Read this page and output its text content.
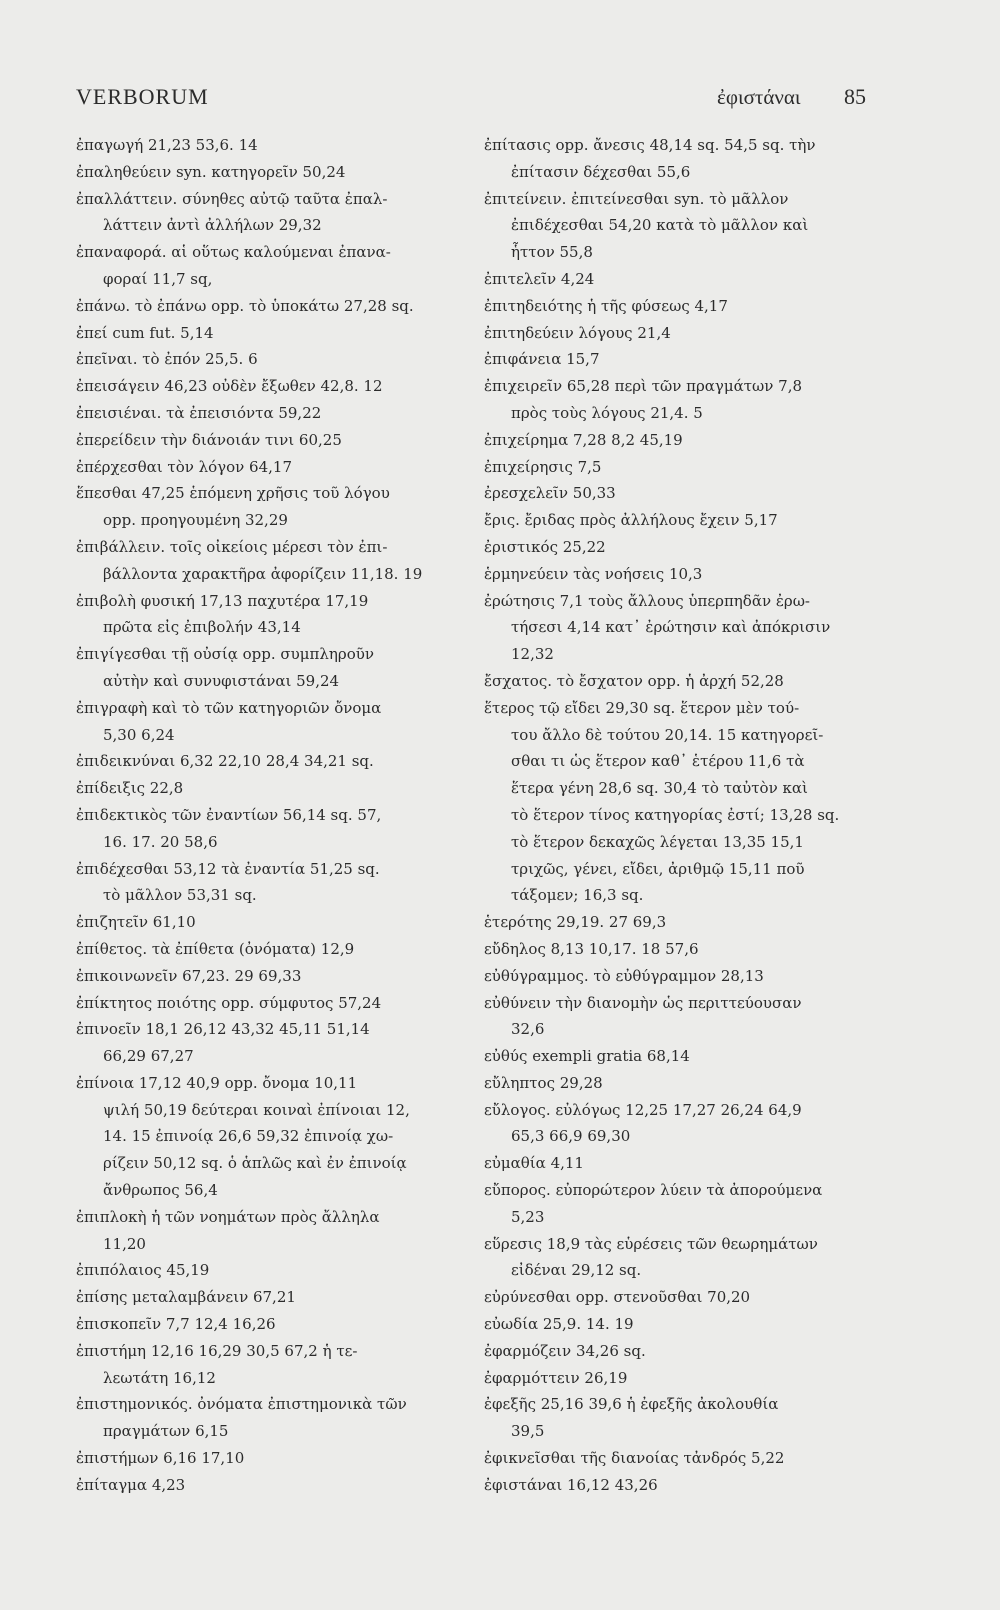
VERBORUM	ἐφιστάναι 85
ἐπαγωγή 21,23 53,6. 14
ἐπαληθεύειν syn. κατηγορεῖν 50,24
ἐπαλλάττειν. σύνηθες αὐτῷ ταῦτα ἐπαλ-
λάττειν ἀντὶ ἀλλήλων 29,32
ἐπαναφορά. αἱ οὕτως καλούμεναι ἐπανα-
φοραί 11,7 sq,
ἐπάνω. τὸ ἐπάνω opp. τὸ ὑποκάτω 27,28 sq.
ἐπεί cum fut. 5,14
ἐπεῖναι. τὸ ἐπόν 25,5. 6
ἐπεισάγειν 46,23 οὐδὲν ἔξωθεν 42,8. 12
ἐπεισιέναι. τὰ ἐπεισιόντα 59,22
ἐπερείδειν τὴν διάνοιάν τινι 60,25
ἐπέρχεσθαι τὸν λόγον 64,17
ἕπεσθαι 47,25 ἑπόμενη χρῆσις τοῦ λόγου
opp. προηγουμένη 32,29
ἐπιβάλλειν. τοῖς οἰκείοις μέρεσι τὸν ἐπι-
βάλλοντα χαρακτῆρα ἀφορίζειν 11,18. 19
ἐπιβολὴ φυσική 17,13 παχυτέρα 17,19
πρῶτα εἰς ἐπιβολήν 43,14
ἐπιγίγεσθαι τῇ οὐσίᾳ opp. συμπληροῦν
αὐτὴν καὶ συνυφιστάναι 59,24
ἐπιγραφὴ καὶ τὸ τῶν κατηγοριῶν ὄνομα
5,30 6,24
ἐπιδεικνύναι 6,32 22,10 28,4 34,21 sq.
ἐπίδειξις 22,8
ἐπιδεκτικὸς τῶν ἐναντίων 56,14 sq. 57,
16. 17. 20 58,6
ἐπιδέχεσθαι 53,12 τὰ ἐναντία 51,25 sq.
τὸ μᾶλλον 53,31 sq.
ἐπιζητεῖν 61,10
ἐπίθετος. τὰ ἐπίθετα (ὀνόματα) 12,9
ἐπικοινωνεῖν 67,23. 29 69,33
ἐπίκτητος ποιότης opp. σύμφυτος 57,24
ἐπινοεῖν 18,1 26,12 43,32 45,11 51,14
66,29 67,27
ἐπίνοια 17,12 40,9 opp. ὄνομα 10,11
ψιλή 50,19 δεύτεραι κοιναὶ ἐπίνοιαι 12,
14. 15 ἐπινοίᾳ 26,6 59,32 ἐπινοίᾳ χω-
ρίζειν 50,12 sq. ὁ ἁπλῶς καὶ ἐν ἐπινοίᾳ
ἄνθρωπος 56,4
ἐπιπλοκὴ ἡ τῶν νοημάτων πρὸς ἄλληλα
11,20
ἐπιπόλαιος 45,19
ἐπίσης μεταλαμβάνειν 67,21
ἐπισκοπεῖν 7,7 12,4 16,26
ἐπιστήμη 12,16 16,29 30,5 67,2 ἡ τε-
λεωτάτη 16,12
ἐπιστημονικός. ὀνόματα ἐπιστημονικὰ τῶν
πραγμάτων 6,15
ἐπιστήμων 6,16 17,10
ἐπίταγμα 4,23
ἐπίτασις opp. ἄνεσις 48,14 sq. 54,5 sq. τὴν
ἐπίτασιν δέχεσθαι 55,6
ἐπιτείνειν. ἐπιτείνεσθαι syn. τὸ μᾶλλον
ἐπιδέχεσθαι 54,20 κατὰ τὸ μᾶλλον καὶ
ἧττον 55,8
ἐπιτελεῖν 4,24
ἐπιτηδειότης ἡ τῆς φύσεως 4,17
ἐπιτηδεύειν λόγους 21,4
ἐπιφάνεια 15,7
ἐπιχειρεῖν 65,28 περὶ τῶν πραγμάτων 7,8
πρὸς τοὺς λόγους 21,4. 5
ἐπιχείρημα 7,28 8,2 45,19
ἐπιχείρησις 7,5
ἐρεσχελεῖν 50,33
ἔρις. ἔριδας πρὸς ἀλλήλους ἔχειν 5,17
ἐριστικός 25,22
ἑρμηνεύειν τὰς νοήσεις 10,3
ἐρώτησις 7,1 τοὺς ἄλλους ὑπερπηδᾶν ἐρω-
τήσεσι 4,14 κατ᾽ ἐρώτησιν καὶ ἀπόκρισιν
12,32
ἔσχατος. τὸ ἔσχατον opp. ἡ ἀρχή 52,28
ἕτερος τῷ εἴδει 29,30 sq. ἕτερον μὲν τού-
του ἄλλο δὲ τούτου 20,14. 15 κατηγορεῖ-
σθαι τι ὡς ἕτερον καθ᾽ ἑτέρου 11,6 τὰ
ἕτερα γένη 28,6 sq. 30,4 τὸ ταὐτὸν καὶ
τὸ ἕτερον τίνος κατηγορίας ἐστί; 13,28 sq.
τὸ ἕτερον δεκαχῶς λέγεται 13,35 15,1
τριχῶς, γένει, εἴδει, ἀριθμῷ 15,11 ποῦ
τάξομεν; 16,3 sq.
ἑτερότης 29,19. 27 69,3
εὔδηλος 8,13 10,17. 18 57,6
εὐθύγραμμος. τὸ εὐθύγραμμον 28,13
εὐθύνειν τὴν διανομὴν ὡς περιττεύουσαν
32,6
εὐθύς exempli gratia 68,14
εὔληπτος 29,28
εὔλογος. εὐλόγως 12,25 17,27 26,24 64,9
65,3 66,9 69,30
εὐμαθία 4,11
εὔπορος. εὐπορώτερον λύειν τὰ ἀπορούμενα
5,23
εὕρεσις 18,9 τὰς εὑρέσεις τῶν θεωρημάτων
εἰδέναι 29,12 sq.
εὐρύνεσθαι opp. στενοῦσθαι 70,20
εὐωδία 25,9. 14. 19
ἐφαρμόζειν 34,26 sq.
ἐφαρμόττειν 26,19
ἐφεξῆς 25,16 39,6 ἡ ἐφεξῆς ἀκολουθία
39,5
ἐφικνεῖσθαι τῆς διανοίας τἀνδρός 5,22
ἐφιστάναι 16,12 43,26
